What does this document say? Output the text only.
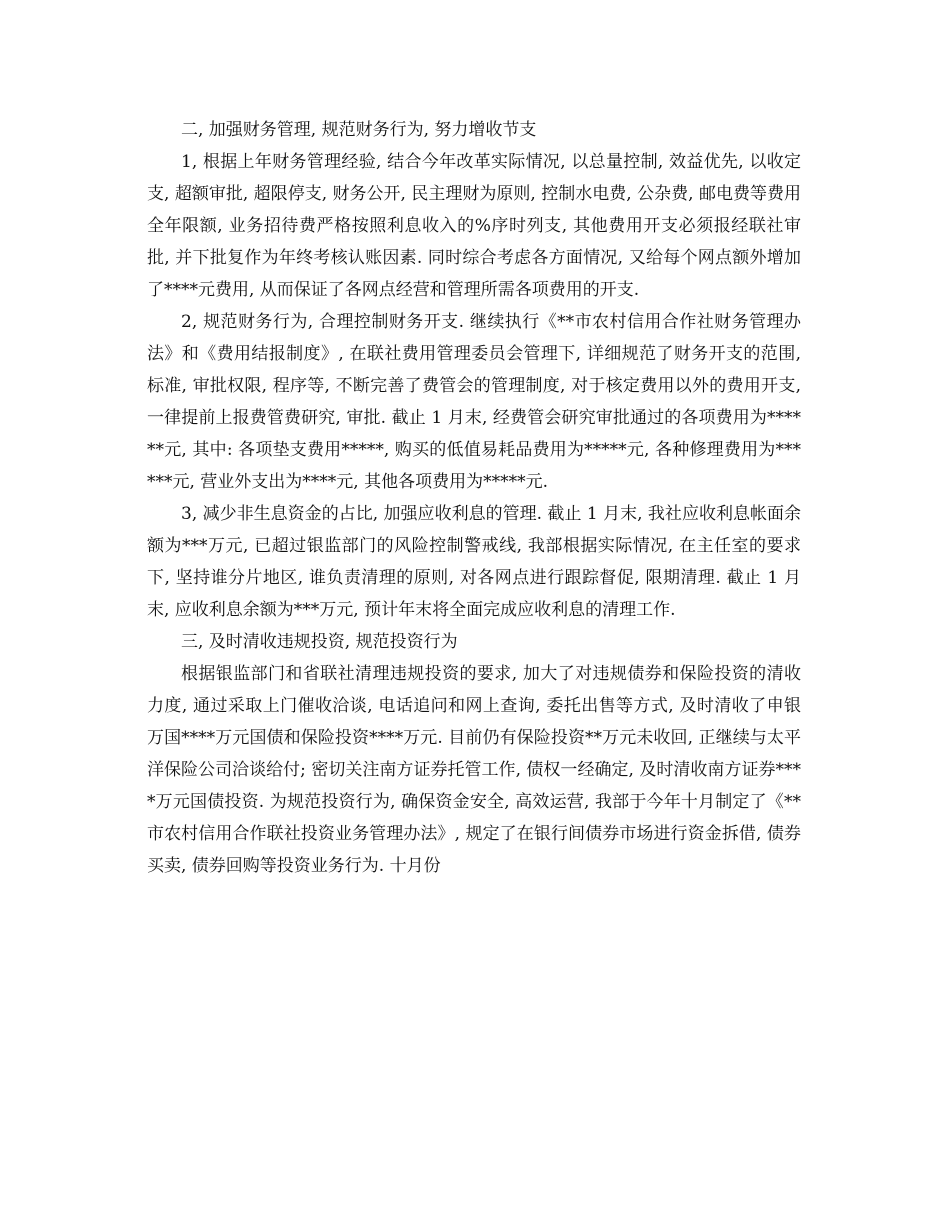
二, 加强财务管理, 规范财务行为, 努力增收节支

1, 根据上年财务管理经验, 结合今年改革实际情况, 以总量控制, 效益优先, 以收定支, 超额审批, 超限停支, 财务公开, 民主理财为原则, 控制水电费, 公杂费, 邮电费等费用全年限额, 业务招待费严格按照利息收入的%序时列支, 其他费用开支必须报经联社审批, 并下批复作为年终考核认账因素. 同时综合考虑各方面情况, 又给每个网点额外增加了****元费用, 从而保证了各网点经营和管理所需各项费用的开支.

2, 规范财务行为, 合理控制财务开支. 继续执行《**市农村信用合作社财务管理办法》和《费用结报制度》, 在联社费用管理委员会管理下, 详细规范了财务开支的范围, 标准, 审批权限, 程序等, 不断完善了费管会的管理制度, 对于核定费用以外的费用开支, 一律提前上报费管费研究, 审批. 截止 1 月末, 经费管会研究审批通过的各项费用为******元, 其中: 各项垫支费用*****, 购买的低值易耗品费用为*****元, 各种修理费用为******元, 营业外支出为****元, 其他各项费用为*****元.

3, 减少非生息资金的占比, 加强应收利息的管理. 截止 1 月末, 我社应收利息帐面余额为***万元, 已超过银监部门的风险控制警戒线, 我部根据实际情况, 在主任室的要求下, 坚持谁分片地区, 谁负责清理的原则, 对各网点进行跟踪督促, 限期清理. 截止 1 月末, 应收利息余额为***万元, 预计年末将全面完成应收利息的清理工作.

三, 及时清收违规投资, 规范投资行为

根据银监部门和省联社清理违规投资的要求, 加大了对违规债券和保险投资的清收力度, 通过采取上门催收洽谈, 电话追问和网上查询, 委托出售等方式, 及时清收了申银万国****万元国债和保险投资****万元. 目前仍有保险投资**万元未收回, 正继续与太平洋保险公司洽谈给付; 密切关注南方证券托管工作, 债权一经确定, 及时清收南方证券****万元国债投资. 为规范投资行为, 确保资金安全, 高效运营, 我部于今年十月制定了《**市农村信用合作联社投资业务管理办法》, 规定了在银行间债券市场进行资金拆借, 债券买卖, 债券回购等投资业务行为. 十月份
